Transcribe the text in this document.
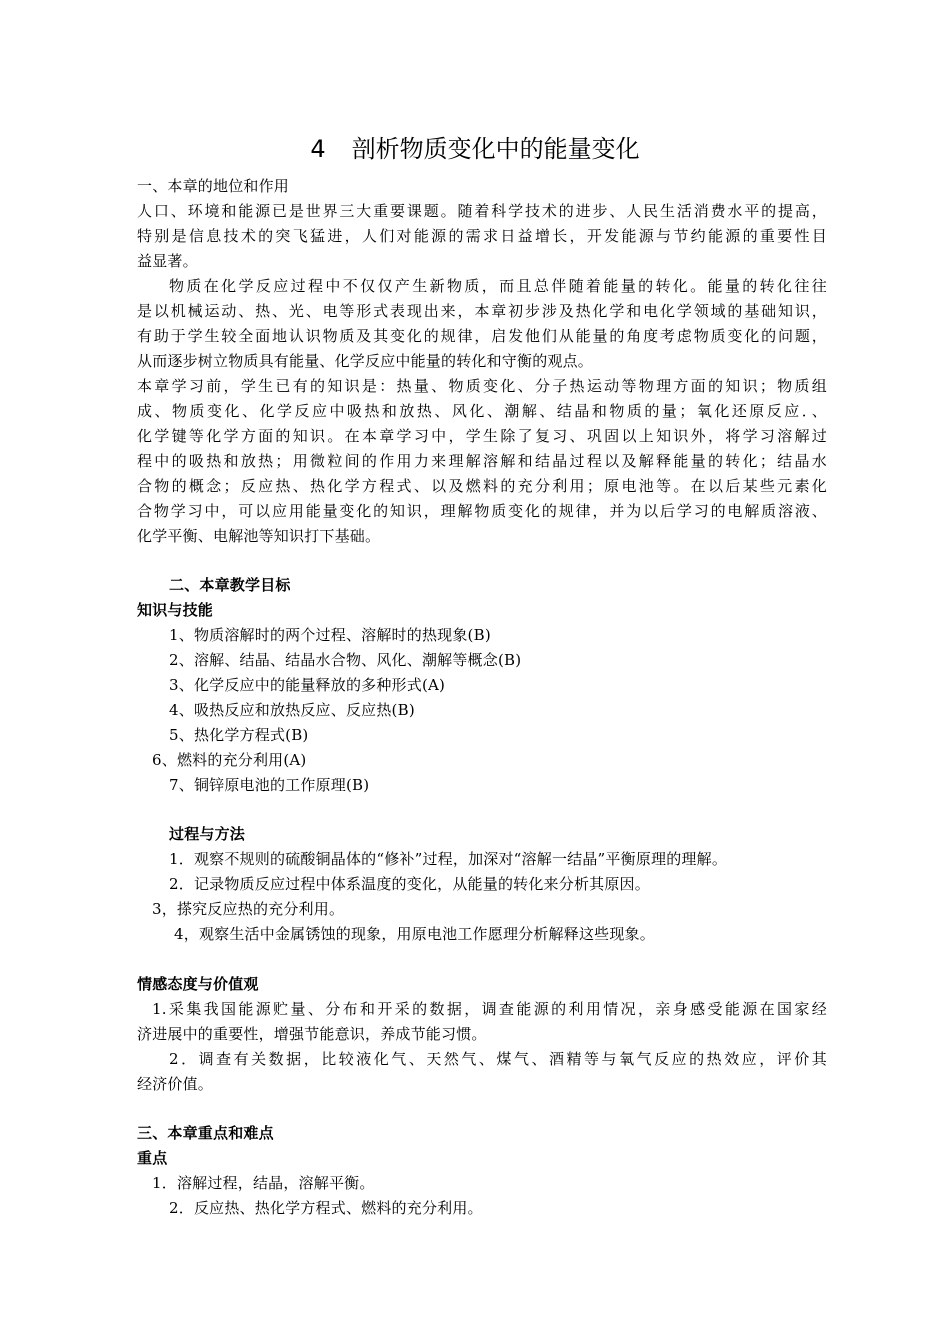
4 剖析物质变化中的能量变化
一、本章的地位和作用
人口、环境和能源已是世界三大重要课题。随着科学技术的进步、人民生活消费水平的提高，
特别是信息技术的突飞猛进，人们对能源的需求日益增长，开发能源与节约能源的重要性目
益显著。
物质在化学反应过程中不仅仅产生新物质，而且总伴随着能量的转化。能量的转化往往
是以机械运动、热、光、电等形式表现出来，本章初步涉及热化学和电化学领域的基础知识，
有助于学生较全面地认识物质及其变化的规律，启发他们从能量的角度考虑物质变化的问题，
从而逐步树立物质具有能量、化学反应中能量的转化和守衡的观点。
本章学习前，学生已有的知识是：热量、物质变化、分子热运动等物理方面的知识；物质组
成、物质变化、化学反应中吸热和放热、风化、潮解、结晶和物质的量；氧化还原反应．、
化学键等化学方面的知识。在本章学习中，学生除了复习、巩固以上知识外，将学习溶解过
程中的吸热和放热；用微粒间的作用力来理解溶解和结晶过程以及解释能量的转化；结晶水
合物的概念；反应热、热化学方程式、以及燃料的充分利用；原电池等。在以后某些元素化
合物学习中，可以应用能量变化的知识，理解物质变化的规律，并为以后学习的电解质溶液、
化学平衡、电解池等知识打下基础。
二、本章教学目标
知识与技能
1、物质溶解时的两个过程、溶解时的热现象(B)
2、溶解、结晶、结晶水合物、风化、潮解等概念(B)
3、化学反应中的能量释放的多种形式(A)
4、吸热反应和放热反应、反应热(B)
5、热化学方程式(B)
6、燃料的充分利用(A)
7、铜锌原电池的工作原理(B)
过程与方法
1．观察不规则的硫酸铜晶体的“修补”过程，加深对“溶解一结晶”平衡原理的理解。
2．记录物质反应过程中体系温度的变化，从能量的转化来分析其原因。
3，搽究反应热的充分利用。
4，观察生活中金属锈蚀的现象，用原电池工作愿理分析解释这些现象。
情感态度与价值观
1.采集我国能源贮量、分布和开采的数据，调查能源的利用情况，亲身感受能源在国家经
济进展中的重要性，增强节能意识，养成节能习惯。
2．调查有关数据，比较液化气、天然气、煤气、酒精等与氧气反应的热效应，评价其
经济价值。
三、本章重点和难点
重点
1．溶解过程，结晶，溶解平衡。
2．反应热、热化学方程式、燃料的充分利用。
